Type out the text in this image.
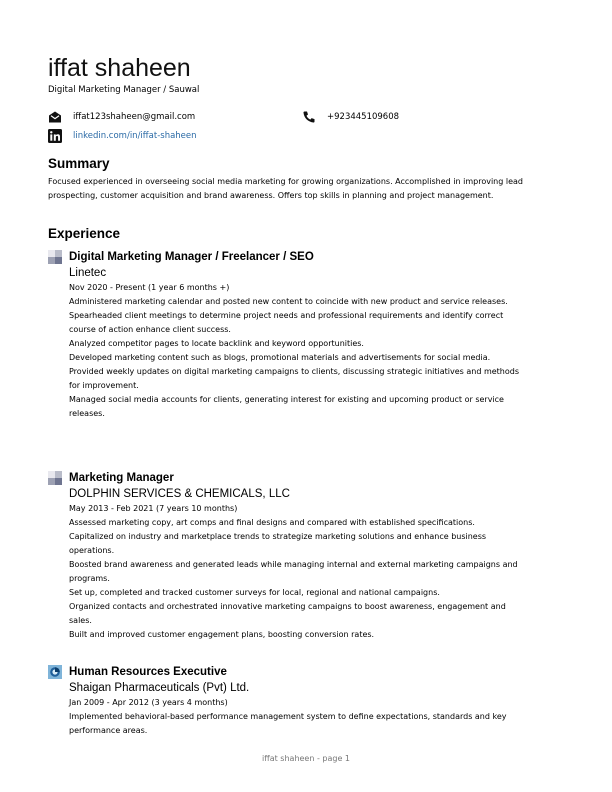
iffat shaheen
Digital Marketing Manager / Sauwal
iffat123shaheen@gmail.com	+923445109608
linkedin.com/in/iffat-shaheen
Summary
Focused experienced in overseeing social media marketing for growing organizations. Accomplished in improving lead prospecting, customer acquisition and brand awareness. Offers top skills in planning and project management.
Experience
Digital Marketing Manager / Freelancer / SEO
Linetec
Nov 2020 - Present (1 year 6 months +)
Administered marketing calendar and posted new content to coincide with new product and service releases.
Spearheaded client meetings to determine project needs and professional requirements and identify correct course of action enhance client success.
Analyzed competitor pages to locate backlink and keyword opportunities.
Developed marketing content such as blogs, promotional materials and advertisements for social media.
Provided weekly updates on digital marketing campaigns to clients, discussing strategic initiatives and methods for improvement.
Managed social media accounts for clients, generating interest for existing and upcoming product or service releases.
Marketing Manager
DOLPHIN SERVICES & CHEMICALS, LLC
May 2013 - Feb 2021 (7 years 10 months)
Assessed marketing copy, art comps and final designs and compared with established specifications.
Capitalized on industry and marketplace trends to strategize marketing solutions and enhance business operations.
Boosted brand awareness and generated leads while managing internal and external marketing campaigns and programs.
Set up, completed and tracked customer surveys for local, regional and national campaigns.
Organized contacts and orchestrated innovative marketing campaigns to boost awareness, engagement and sales.
Built and improved customer engagement plans, boosting conversion rates.
Human Resources Executive
Shaigan Pharmaceuticals (Pvt) Ltd.
Jan 2009 - Apr 2012 (3 years 4 months)
Implemented behavioral-based performance management system to define expectations, standards and key performance areas.
iffat shaheen - page 1
